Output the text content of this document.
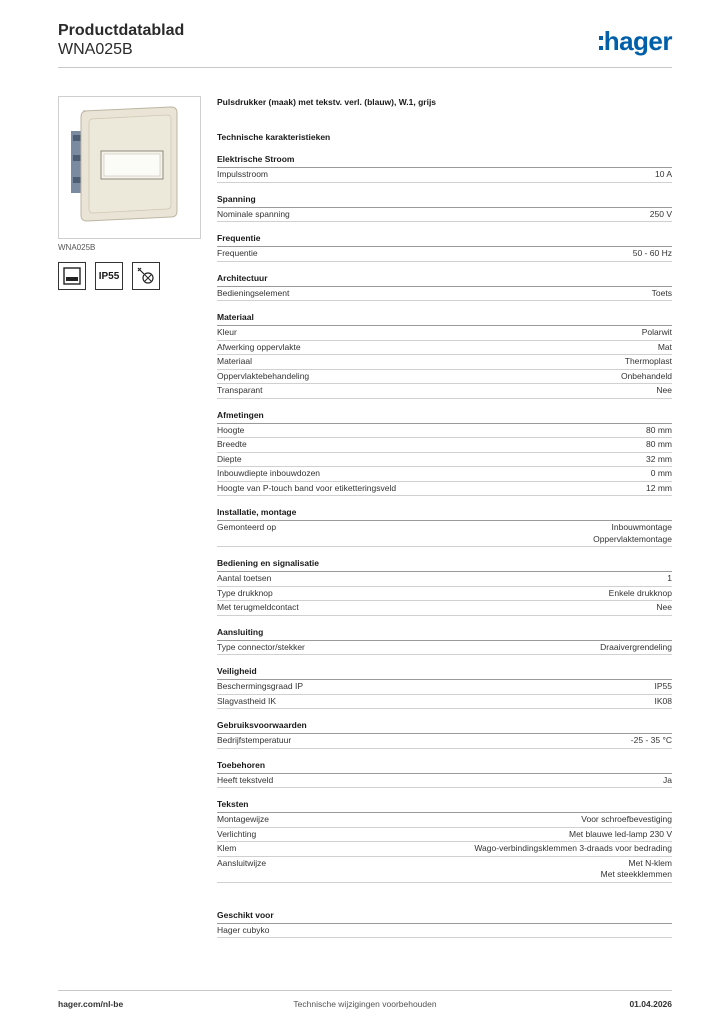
Productdatablad
WNA025B	hager
WNA025B
IP55
Pulsdrukker (maak) met tekstv. verl. (blauw), W.1, grijs
Technische karakteristieken
Elektrische Stroom
Impulsstroom	10 A
Spanning
Nominale spanning	250 V
Frequentie
Frequentie	50 - 60 Hz
Architectuur
Bedieningselement	Toets
Materiaal
Kleur	Polarwit
Afwerking oppervlakte	Mat
Materiaal	Thermoplast
Oppervlaktebehandeling	Onbehandeld
Transparant	Nee
Afmetingen
Hoogte	80 mm
Breedte	80 mm
Diepte	32 mm
Inbouwdiepte inbouwdozen	0 mm
Hoogte van P-touch band voor etiketteringsveld	12 mm
Installatie, montage
Gemonteerd op	Inbouwmontage
Oppervlaktemontage
Bediening en signalisatie
Aantal toetsen	1
Type drukknop	Enkele drukknop
Met terugmeldcontact	Nee
Aansluiting
Type connector/stekker	Draaivergrendeling
Veiligheid
Beschermingsgraad IP	IP55
Slagvastheid IK	IK08
Gebruiksvoorwaarden
Bedrijfstemperatuur	-25 - 35 °C
Toebehoren
Heeft tekstveld	Ja
Teksten
Montagewijze	Voor schroefbevestiging
Verlichting	Met blauwe led-lamp 230 V
Klem	Wago-verbindingsklemmen 3-draads voor bedrading
Aansluitwijze	Met N-klem
Met steekklemmen
Geschikt voor
Hager cubyko
hager.com/nl-be	Technische wijzigingen voorbehouden	01.04.2026
